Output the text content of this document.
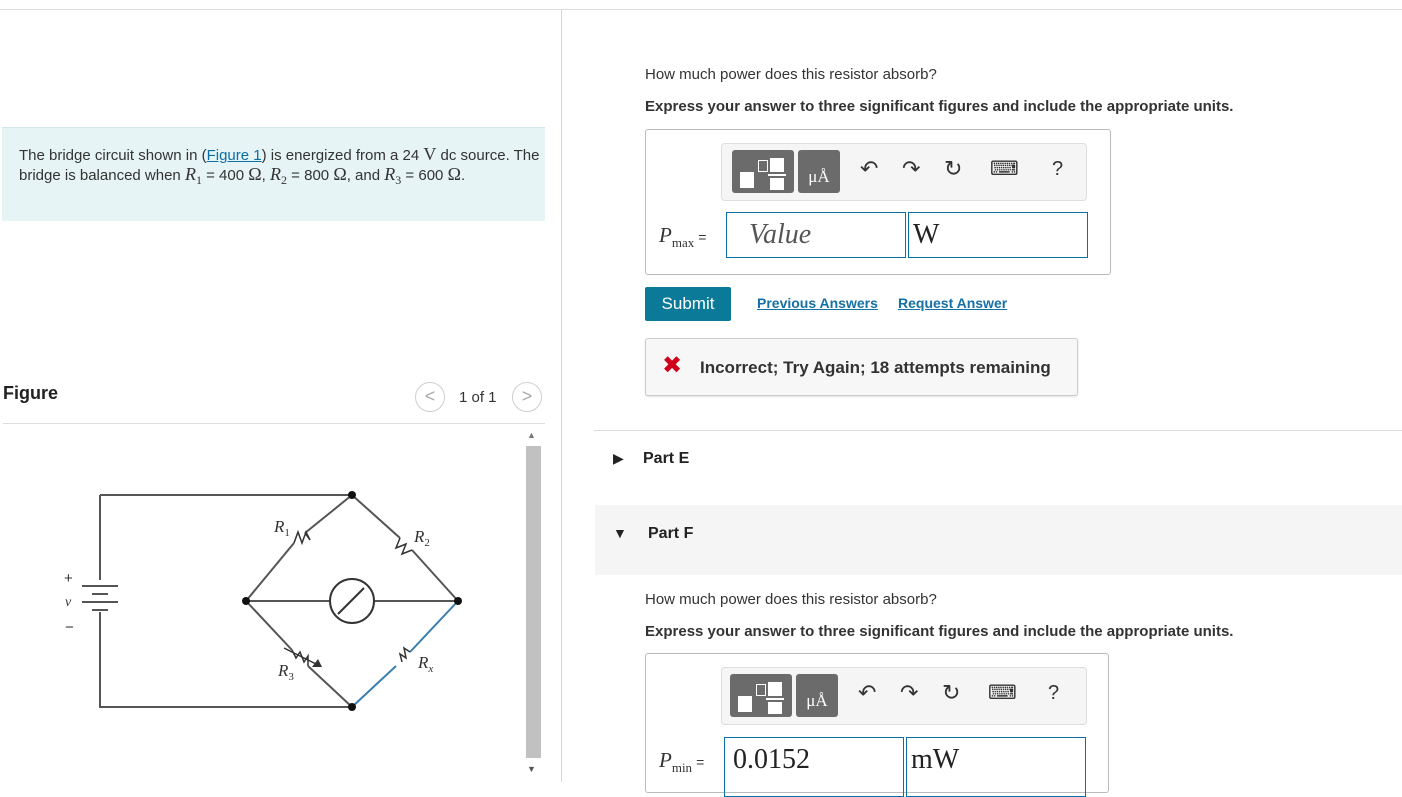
The bridge circuit shown in (Figure 1) is energized from a 24 V dc source. The bridge is balanced when $R_1 = 400$ Ω, $R_2 = 800$ Ω, and $R_3 = 600$ Ω.
Figure	<	1 of 1	>
▲
▼
$R_1$	$R_2$
$R_3$
$R_x$
v
+
−
How much power does this resistor absorb?
Express your answer to three significant figures and include the appropriate units.
μÅ	↶ ↷ ↻ ⌨ ?
$P_{max}$ =	Value	W
Submit	Previous Answers Request Answer
✖ Incorrect; Try Again; 18 attempts remaining
▶ Part E
▼ Part F
How much power does this resistor absorb?
Express your answer to three significant figures and include the appropriate units.
μÅ	↶ ↷ ↻ ⌨ ?
$P_{min}$ =	0.0152	mW
